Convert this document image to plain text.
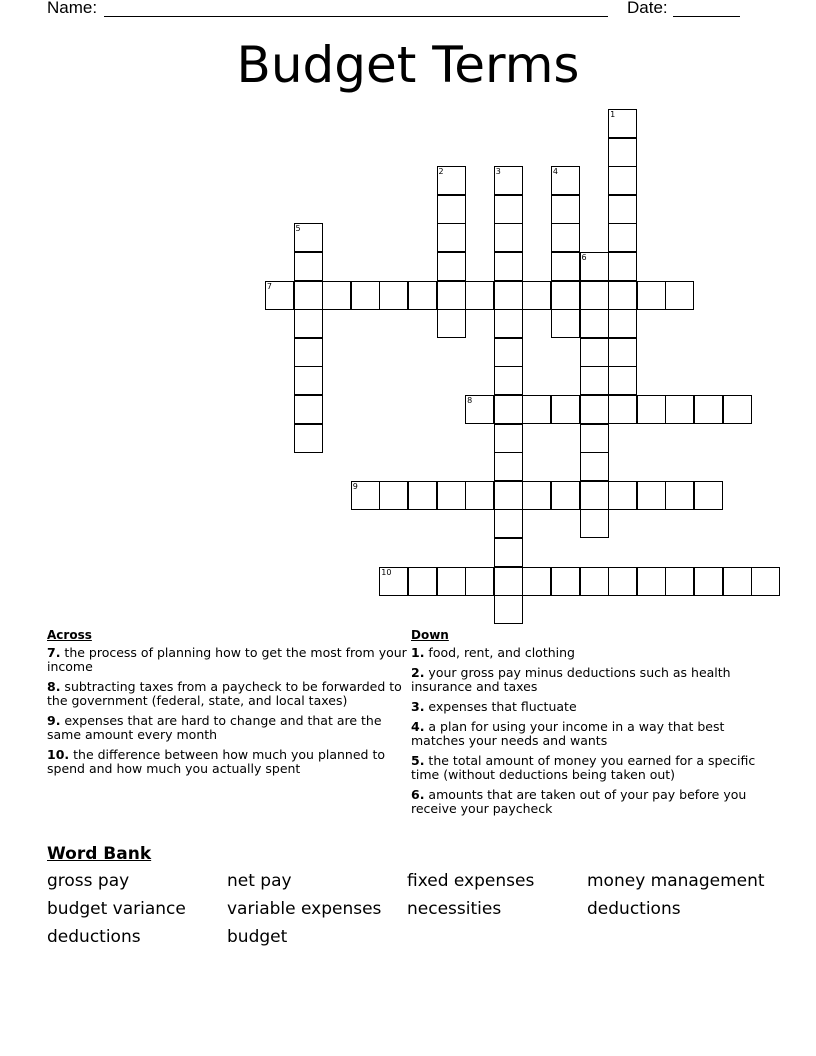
Name:	Date:
Budget Terms
1
2	3	4
5
6
7
8
9
10
Across
7. the process of planning how to get the most from your income
8. subtracting taxes from a paycheck to be forwarded to the government (federal, state, and local taxes)
9. expenses that are hard to change and that are the same amount every month
10. the difference between how much you planned to spend and how much you actually spent
Down
1. food, rent, and clothing
2. your gross pay minus deductions such as health insurance and taxes
3. expenses that fluctuate
4. a plan for using your income in a way that best matches your needs and wants
5. the total amount of money you earned for a specific time (without deductions being taken out)
6. amounts that are taken out of your pay before you receive your paycheck
Word Bank
gross pay	net pay	fixed expenses	money management
budget variance	variable expenses	necessities	deductions
deductions	budget
